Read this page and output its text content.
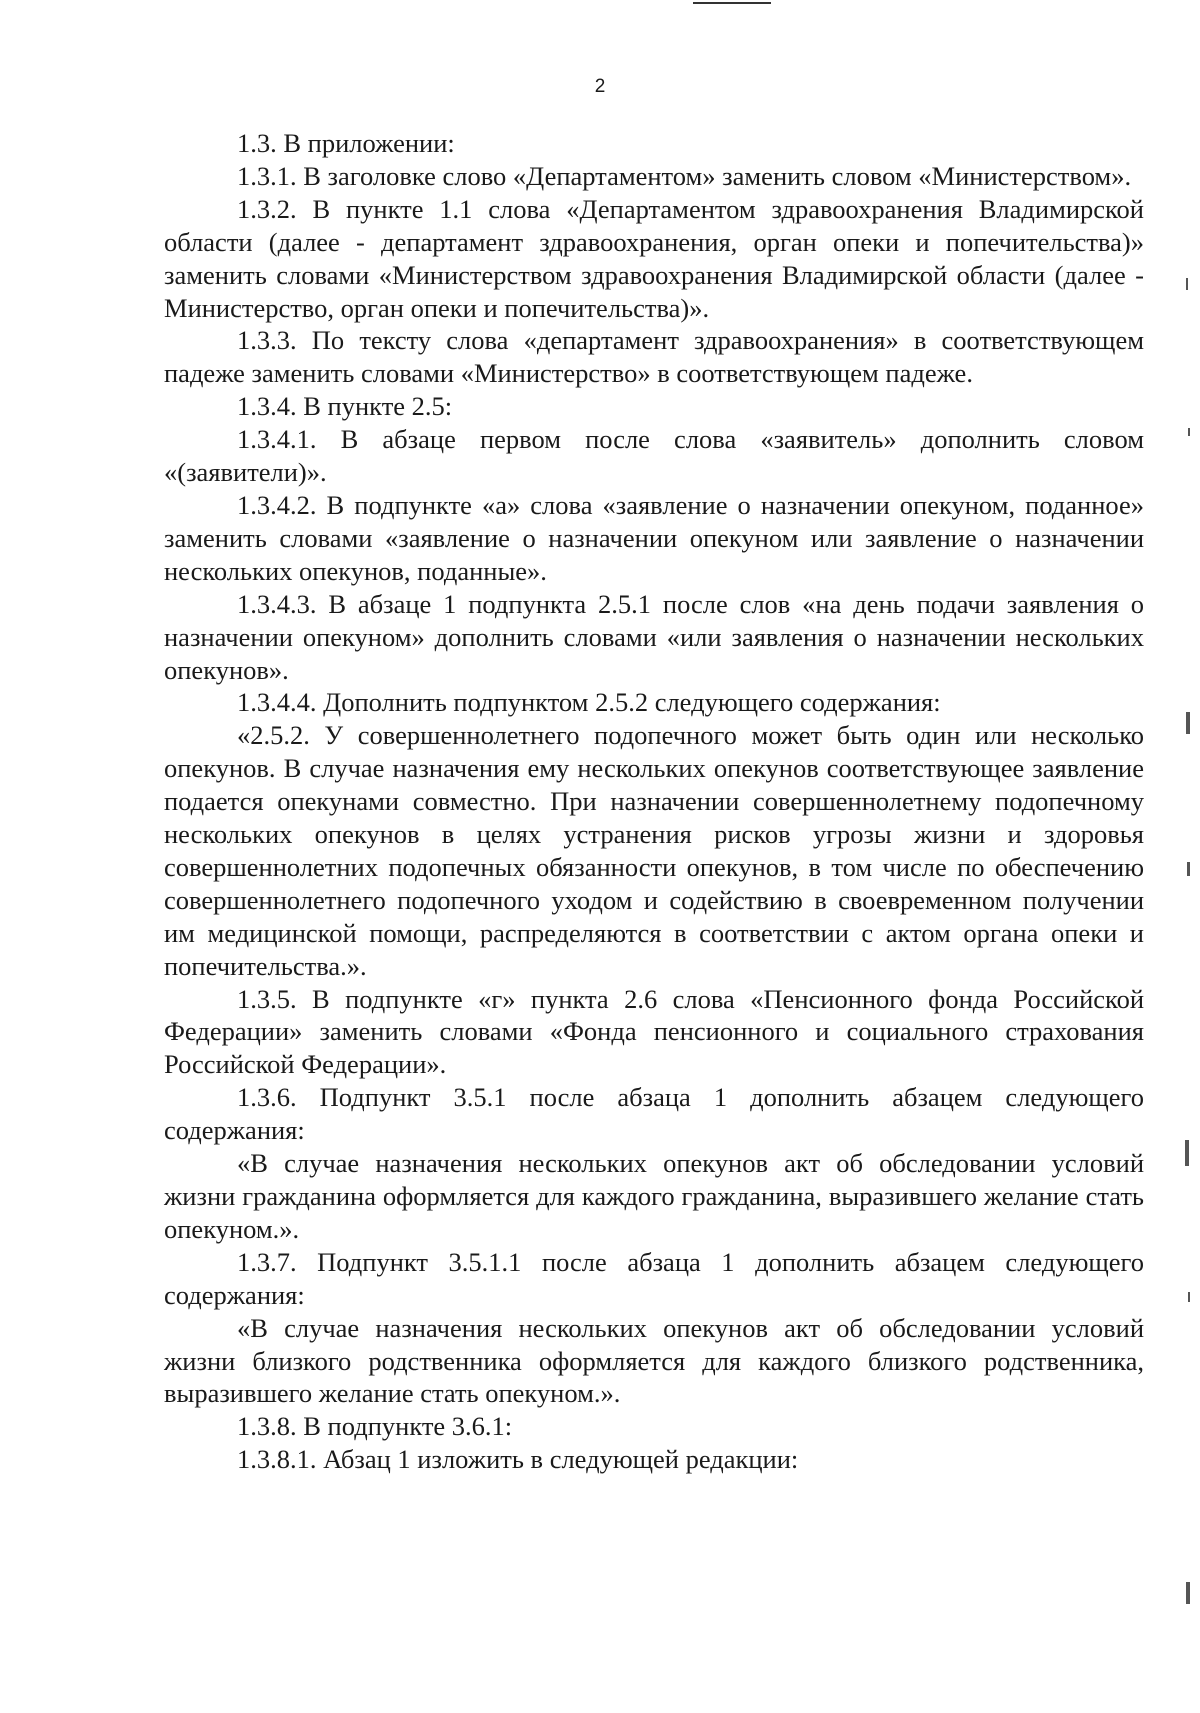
2

1.3. В приложении:

1.3.1. В заголовке слово «Департаментом» заменить словом «Министерством».

1.3.2. В пункте 1.1 слова «Департаментом здравоохранения Владимирской области (далее - департамент здравоохранения, орган опеки и попечительства)» заменить словами «Министерством здравоохранения Владимирской области (далее - Министерство, орган опеки и попечительства)».

1.3.3. По тексту слова «департамент здравоохранения» в соответствующем падеже заменить словами «Министерство» в соответствующем падеже.

1.3.4. В пункте 2.5:

1.3.4.1. В абзаце первом после слова «заявитель» дополнить словом «(заявители)».

1.3.4.2. В подпункте «а» слова «заявление о назначении опекуном, поданное» заменить словами «заявление о назначении опекуном или заявление о назначении нескольких опекунов, поданные».

1.3.4.3. В абзаце 1 подпункта 2.5.1 после слов «на день подачи заявления о назначении опекуном» дополнить словами «или заявления о назначении нескольких опекунов».

1.3.4.4. Дополнить подпунктом 2.5.2 следующего содержания:

«2.5.2. У совершеннолетнего подопечного может быть один или несколько опекунов. В случае назначения ему нескольких опекунов соответствующее заявление подается опекунами совместно. При назначении совершеннолетнему подопечному нескольких опекунов в целях устранения рисков угрозы жизни и здоровья совершеннолетних подопечных обязанности опекунов, в том числе по обеспечению совершеннолетнего подопечного уходом и содействию в своевременном получении им медицинской помощи, распределяются в соответствии с актом органа опеки и попечительства.».

1.3.5. В подпункте «г» пункта 2.6 слова «Пенсионного фонда Российской Федерации» заменить словами «Фонда пенсионного и социального страхования Российской Федерации».

1.3.6. Подпункт 3.5.1 после абзаца 1 дополнить абзацем следующего содержания:

«В случае назначения нескольких опекунов акт об обследовании условий жизни гражданина оформляется для каждого гражданина, выразившего желание стать опекуном.».

1.3.7. Подпункт 3.5.1.1 после абзаца 1 дополнить абзацем следующего содержания:

«В случае назначения нескольких опекунов акт об обследовании условий жизни близкого родственника оформляется для каждого близкого родственника, выразившего желание стать опекуном.».

1.3.8. В подпункте 3.6.1:

1.3.8.1. Абзац 1 изложить в следующей редакции:
